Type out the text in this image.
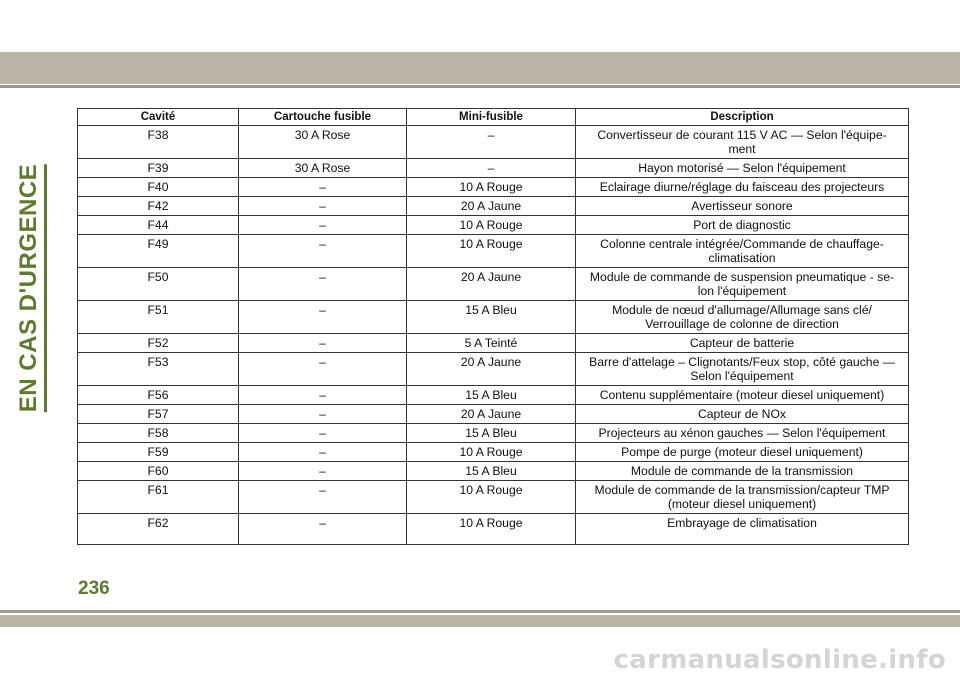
EN CAS D'URGENCE
Cavité	Cartouche fusible	Mini-fusible	Description
F38	30 A Rose	–	Convertisseur de courant 115 V AC — Selon l'équipe-
ment

F39	30 A Rose	–	Hayon motorisé — Selon l'équipement

F40	–	10 A Rouge	Eclairage diurne/réglage du faisceau des projecteurs

F42	–	20 A Jaune	Avertisseur sonore

F44	–	10 A Rouge	Port de diagnostic

F49	–	10 A Rouge	Colonne centrale intégrée/Commande de chauffage-
climatisation

F50	–	20 A Jaune	Module de commande de suspension pneumatique - se-
lon l'équipement

F51	–	15 A Bleu	Module de nœud d'allumage/Allumage sans clé/
Verrouillage de colonne de direction

F52	–	5 A Teinté	Capteur de batterie

F53	–	20 A Jaune	Barre d'attelage – Clignotants/Feux stop, côté gauche —
Selon l'équipement

F56	–	15 A Bleu	Contenu supplémentaire (moteur diesel uniquement)

F57	–	20 A Jaune	Capteur de NOx

F58	–	15 A Bleu	Projecteurs au xénon gauches — Selon l'équipement

F59	–	10 A Rouge	Pompe de purge (moteur diesel uniquement)

F60	–	15 A Bleu	Module de commande de la transmission

F61	–	10 A Rouge	Module de commande de la transmission/capteur TMP
(moteur diesel uniquement)

F62	–	10 A Rouge	Embrayage de climatisation
236
carmanualsonline.info
